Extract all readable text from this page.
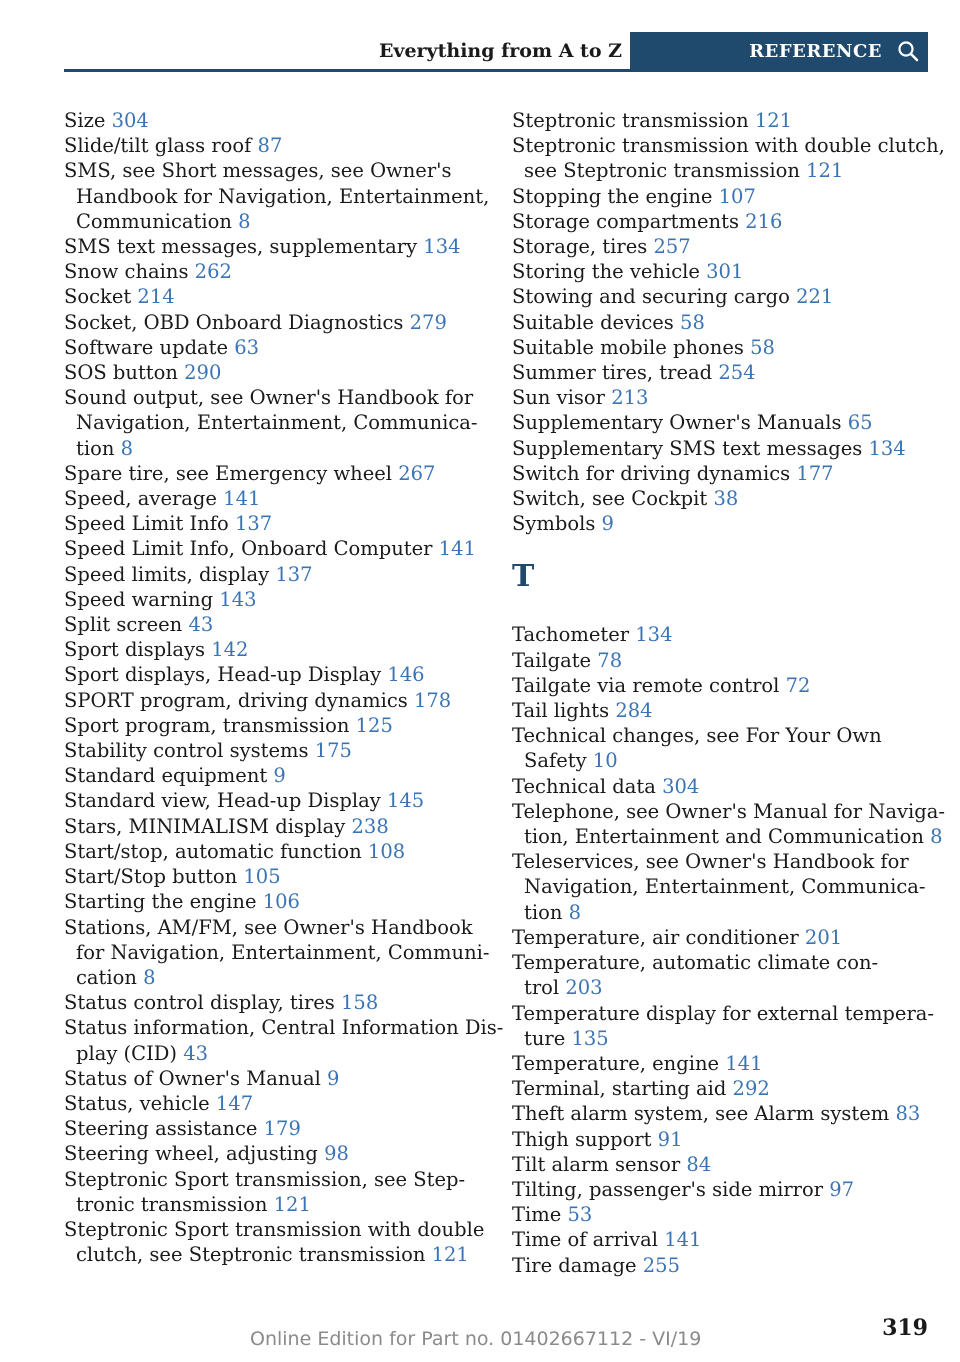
Everything from A to Z	REFERENCE
Size 304
Slide/tilt glass roof 87
SMS, see Short messages, see Owner's
Handbook for Navigation, Entertainment,
Communication 8
SMS text messages, supplementary 134
Snow chains 262
Socket 214
Socket, OBD Onboard Diagnostics 279
Software update 63
SOS button 290
Sound output, see Owner's Handbook for
Navigation, Entertainment, Communica-
tion 8
Spare tire, see Emergency wheel 267
Speed, average 141
Speed Limit Info 137
Speed Limit Info, Onboard Computer 141
Speed limits, display 137
Speed warning 143
Split screen 43
Sport displays 142
Sport displays, Head-up Display 146
SPORT program, driving dynamics 178
Sport program, transmission 125
Stability control systems 175
Standard equipment 9
Standard view, Head-up Display 145
Stars, MINIMALISM display 238
Start/stop, automatic function 108
Start/Stop button 105
Starting the engine 106
Stations, AM/FM, see Owner's Handbook
for Navigation, Entertainment, Communi-
cation 8
Status control display, tires 158
Status information, Central Information Dis-
play (CID) 43
Status of Owner's Manual 9
Status, vehicle 147
Steering assistance 179
Steering wheel, adjusting 98
Steptronic Sport transmission, see Step-
tronic transmission 121
Steptronic Sport transmission with double
clutch, see Steptronic transmission 121
Steptronic transmission 121
Steptronic transmission with double clutch,
see Steptronic transmission 121
Stopping the engine 107
Storage compartments 216
Storage, tires 257
Storing the vehicle 301
Stowing and securing cargo 221
Suitable devices 58
Suitable mobile phones 58
Summer tires, tread 254
Sun visor 213
Supplementary Owner's Manuals 65
Supplementary SMS text messages 134
Switch for driving dynamics 177
Switch, see Cockpit 38
Symbols 9
T
Tachometer 134
Tailgate 78
Tailgate via remote control 72
Tail lights 284
Technical changes, see For Your Own
Safety 10
Technical data 304
Telephone, see Owner's Manual for Naviga-
tion, Entertainment and Communication 8
Teleservices, see Owner's Handbook for
Navigation, Entertainment, Communica-
tion 8
Temperature, air conditioner 201
Temperature, automatic climate con-
trol 203
Temperature display for external tempera-
ture 135
Temperature, engine 141
Terminal, starting aid 292
Theft alarm system, see Alarm system 83
Thigh support 91
Tilt alarm sensor 84
Tilting, passenger's side mirror 97
Time 53
Time of arrival 141
Tire damage 255
319
Online Edition for Part no. 01402667112 - VI/19
